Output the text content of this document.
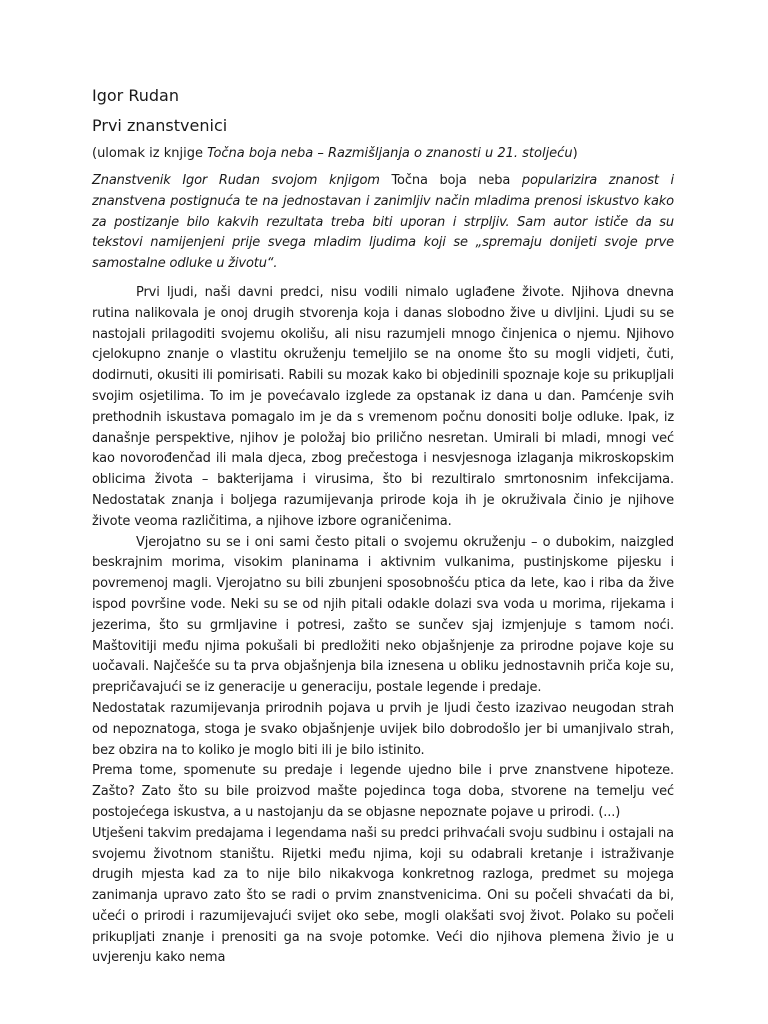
Igor Rudan
Prvi znanstvenici
(ulomak iz knjige Točna boja neba – Razmišljanja o znanosti u 21. stoljeću)

Znanstvenik Igor Rudan svojom knjigom Točna boja neba popularizira znanost i znanstvena postignuća te na jednostavan i zanimljiv način mladima prenosi iskustvo kako za postizanje bilo kakvih rezultata treba biti uporan i strpljiv. Sam autor ističe da su tekstovi namijenjeni prije svega mladim ljudima koji se „spremaju donijeti svoje prve samostalne odluke u životu“.

Prvi ljudi, naši davni predci, nisu vodili nimalo uglađene živote. Njihova dnevna rutina nalikovala je onoj drugih stvorenja koja i danas slobodno žive u divljini. Ljudi su se nastojali prilagoditi svojemu okolišu, ali nisu razumjeli mnogo činjenica o njemu. Njihovo cjelokupno znanje o vlastitu okruženju temeljilo se na onome što su mogli vidjeti, čuti, dodirnuti, okusiti ili pomirisati. Rabili su mozak kako bi objedinili spoznaje koje su prikupljali svojim osjetilima. To im je povećavalo izglede za opstanak iz dana u dan. Pamćenje svih prethodnih iskustava pomagalo im je da s vremenom počnu donositi bolje odluke. Ipak, iz današnje perspektive, njihov je položaj bio prilično nesretan. Umirali bi mladi, mnogi već kao novorođenčad ili mala djeca, zbog prečestoga i nesvjesnoga izlaganja mikroskopskim oblicima života – bakterijama i virusima, što bi rezultiralo smrtonosnim infekcijama. Nedostatak znanja i boljega razumijevanja prirode koja ih je okruživala činio je njihove živote veoma različitima, a njihove izbore ograničenima.

Vjerojatno su se i oni sami često pitali o svojemu okruženju – o dubokim, naizgled beskrajnim morima, visokim planinama i aktivnim vulkanima, pustinjskome pijesku i povremenoj magli. Vjerojatno su bili zbunjeni sposobnošću ptica da lete, kao i riba da žive ispod površine vode. Neki su se od njih pitali odakle dolazi sva voda u morima, rijekama i jezerima, što su grmljavine i potresi, zašto se sunčev sjaj izmjenjuje s tamom noći. Maštovitiji među njima pokušali bi predložiti neko objašnjenje za prirodne pojave koje su uočavali. Najčešće su ta prva objašnjenja bila iznesena u obliku jednostavnih priča koje su, prepričavajući se iz generacije u generaciju, postale legende i predaje.

Nedostatak razumijevanja prirodnih pojava u prvih je ljudi često izazivao neugodan strah od nepoznatoga, stoga je svako objašnjenje uvijek bilo dobrodošlo jer bi umanjivalo strah, bez obzira na to koliko je moglo biti ili je bilo istinito.

Prema tome, spomenute su predaje i legende ujedno bile i prve znanstvene hipoteze. Zašto? Zato što su bile proizvod mašte pojedinca toga doba, stvorene na temelju već postojećega iskustva, a u nastojanju da se objasne nepoznate pojave u prirodi. (...)

Utješeni takvim predajama i legendama naši su predci prihvaćali svoju sudbinu i ostajali na svojemu životnom staništu. Rijetki među njima, koji su odabrali kretanje i istraživanje drugih mjesta kad za to nije bilo nikakvoga konkretnog razloga, predmet su mojega zanimanja upravo zato što se radi o prvim znanstvenicima. Oni su počeli shvaćati da bi, učeći o prirodi i razumijevajući svijet oko sebe, mogli olakšati svoj život. Polako su počeli prikupljati znanje i prenositi ga na svoje potomke. Veći dio njihova plemena živio je u uvjerenju kako nema
